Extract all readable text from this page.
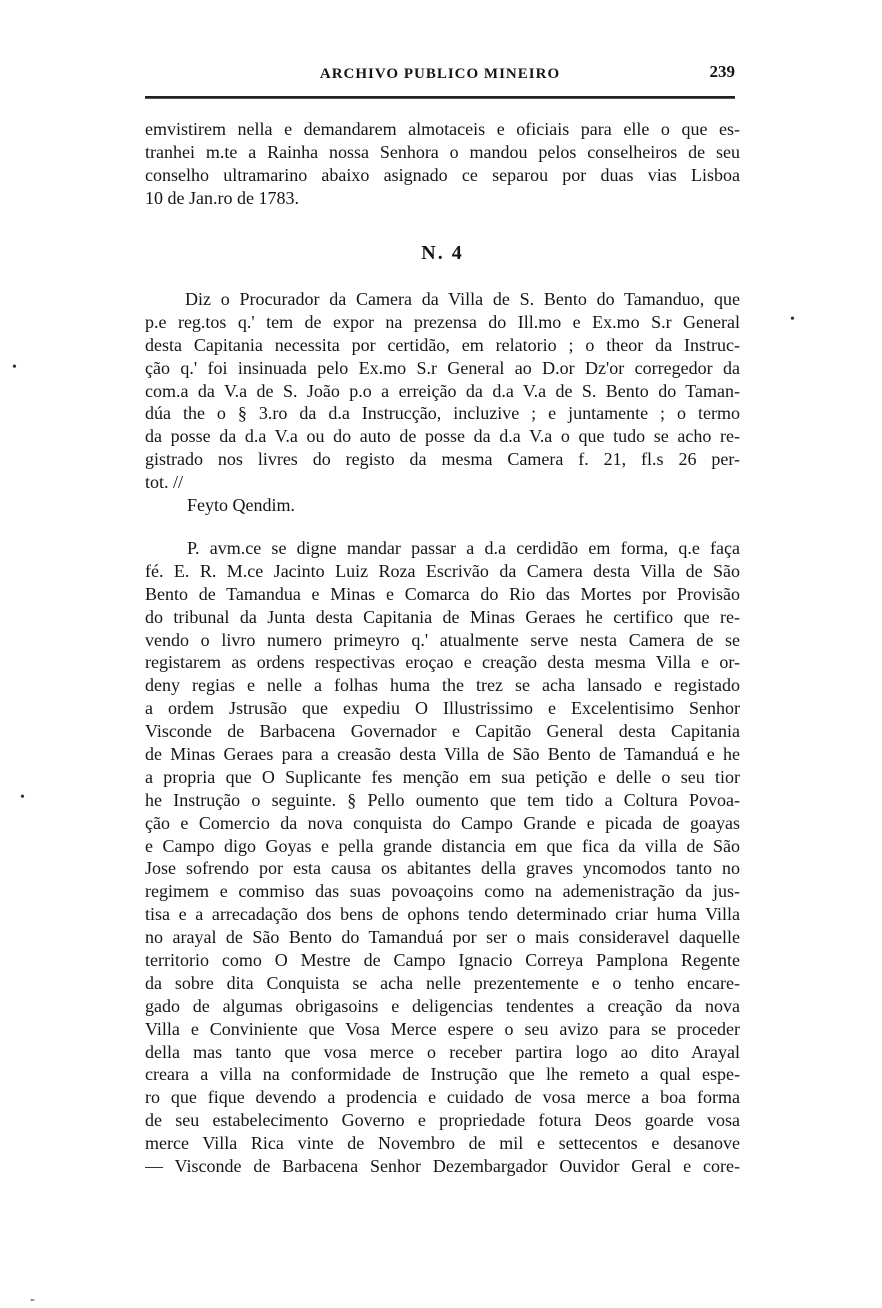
ARCHIVO PUBLICO MINEIRO	239
emvistirem nella e demandarem almotaceis e oficiais para elle o que es-
tranhei m.te a Rainha nossa Senhora o mandou pelos conselheiros de seu
conselho ultramarino abaixo asignado ce separou por duas vias Lisboa
10 de Jan.ro de 1783.
N. 4
Diz o Procurador da Camera da Villa de S. Bento do Tamanduo, que
p.e reg.tos q.' tem de expor na prezensa do Ill.mo e Ex.mo S.r General
desta Capitania necessita por certidão, em relatorio ; o theor da Instruc-
ção q.' foi insinuada pelo Ex.mo S.r General ao D.or Dz'or corregedor da
com.a da V.a de S. João p.o a erreição da d.a V.a de S. Bento do Taman-
dúa the o § 3.ro da d.a Instrucção, incluzive ; e juntamente ; o termo
da posse da d.a V.a ou do auto de posse da d.a V.a o que tudo se acho re-
gistrado nos livres do registo da mesma Camera f. 21, fl.s 26 per-
tot. //
Feyto Qendim.
P. avm.ce se digne mandar passar a d.a cerdidão em forma, q.e faça
fé. E. R. M.ce Jacinto Luiz Roza Escrivão da Camera desta Villa de São
Bento de Tamandua e Minas e Comarca do Rio das Mortes por Provisão
do tribunal da Junta desta Capitania de Minas Geraes he certifico que re-
vendo o livro numero primeyro q.' atualmente serve nesta Camera de se
registarem as ordens respectivas eroçao e creação desta mesma Villa e or-
deny regias e nelle a folhas huma the trez se acha lansado e registado
a ordem Jstrusão que expediu O Illustrissimo e Excelentisimo Senhor
Visconde de Barbacena Governador e Capitão General desta Capitania
de Minas Geraes para a creasão desta Villa de São Bento de Tamanduá e he
a propria que O Suplicante fes menção em sua petição e delle o seu tior
he Instrução o seguinte. § Pello oumento que tem tido a Coltura Povoa-
ção e Comercio da nova conquista do Campo Grande e picada de goayas
e Campo digo Goyas e pella grande distancia em que fica da villa de São
Jose sofrendo por esta causa os abitantes della graves yncomodos tanto no
regimem e commiso das suas povoaçoins como na ademenistração da jus-
tisa e a arrecadação dos bens de ophons tendo determinado criar huma Villa
no arayal de São Bento do Tamanduá por ser o mais consideravel daquelle
territorio como O Mestre de Campo Ignacio Correya Pamplona Regente
da sobre dita Conquista se acha nelle prezentemente e o tenho encare-
gado de algumas obrigasoins e deligencias tendentes a creação da nova
Villa e Conviniente que Vosa Merce espere o seu avizo para se proceder
della mas tanto que vosa merce o receber partira logo ao dito Arayal
creara a villa na conformidade de Instrução que lhe remeto a qual espe-
ro que fique devendo a prodencia e cuidado de vosa merce a boa forma
de seu estabelecimento Governo e propriedade fotura Deos goarde vosa
merce Villa Rica vinte de Novembro de mil e settecentos e desanove
— Visconde de Barbacena Senhor Dezembargador Ouvidor Geral e core-
•
•
•
-
